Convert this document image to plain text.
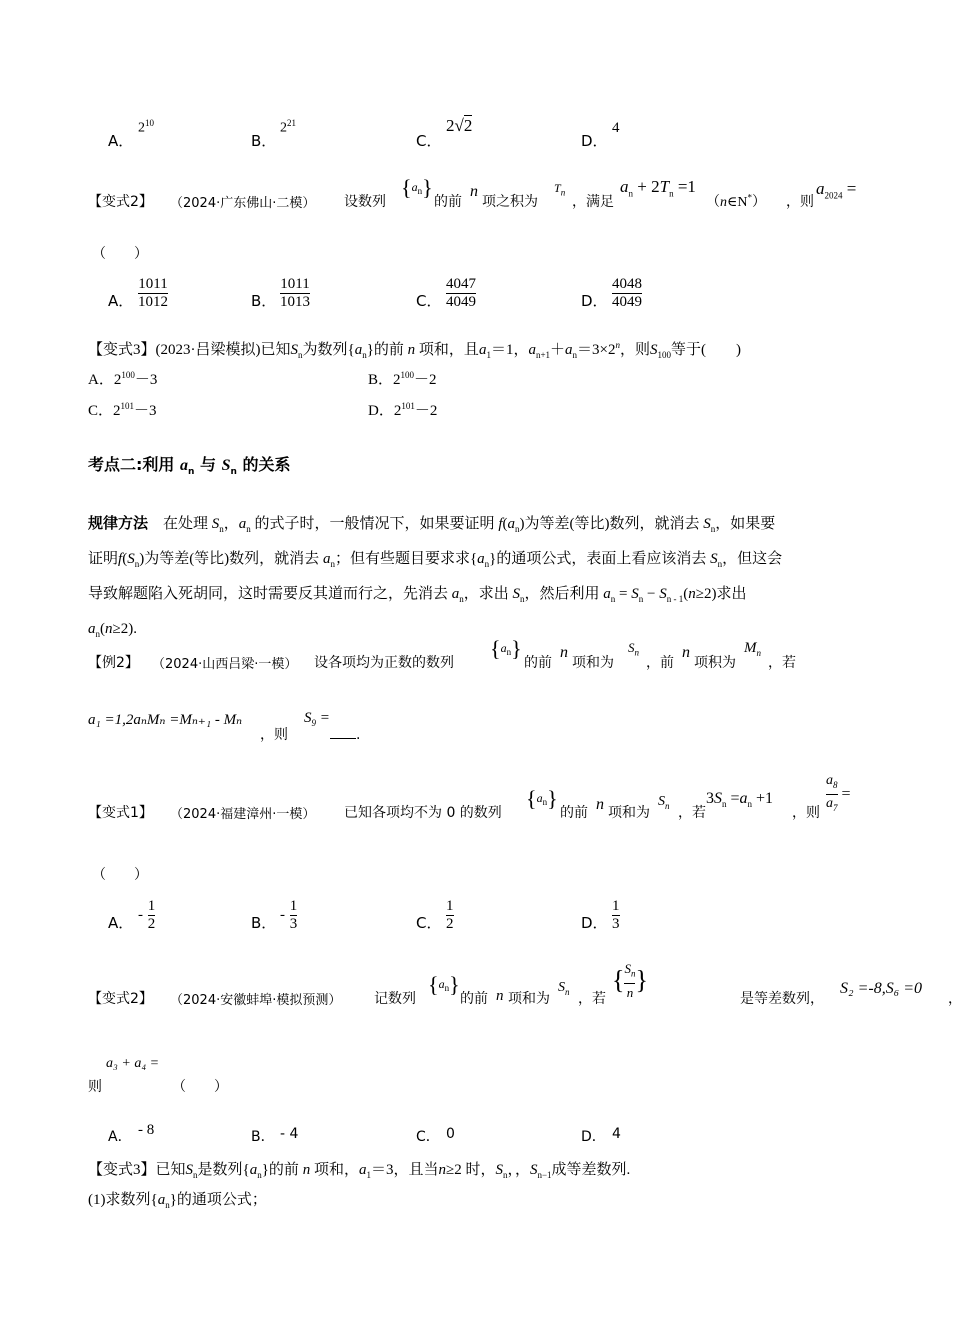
A．
$2^{10}$
B．
$2^{21}$
C．
2√2
D．
4
【变式2】 （2024·广东佛山·二模） 设数列
$\{a_n\}$
的前
n
项之积为
$T_n$
，满足
$a_n + 2T_n =1$
（n∈N*） ，则
$a_{2024}$ =
（　　）
A． $\frac{1011}{1012}$	B． $\frac{1011}{1013}$	C． $\frac{4047}{4049}$	D． $\frac{4048}{4049}$
【变式3】(2023·吕梁模拟)已知$S_n$为数列$\{a_n\}$的前 n 项和，且$a_1=1$，$a_{n+1}+a_n=3\times 2^n$，则$S_{100}$等于(　　)
A．$2^{100}-3$	B．$2^{100}-2$
C．$2^{101}-3$	D．$2^{101}-2$
考点二:利用 $a_n$ 与 $S_n$ 的关系
规律方法　在处理 $S_n$，$a_n$ 的式子时，一般情况下，如果要证明 $f(a_n)$为等差(等比)数列，就消去 $S_n$，如果要
证明$f(S_n)$为等差(等比)数列，就消去 $a_n$；但有些题目要求求$\{a_n\}$的通项公式，表面上看应该消去 $S_n$，但这会
导致解题陷入死胡同，这时需要反其道而行之，先消去 $a_n$，求出 $S_n$，然后利用 $a_n = S_n - S_{n - 1}(n\ge 2)$求出
$a_n(n\ge 2)$.
【例2】 （2024·山西吕梁·一模） 设各项均为正数的数列
$\{a_n\}$
的前
n
项和为
$S_n$
，前
n
项积为
$M_n$
，若
a₁ =1,2aₙMₙ =Mₙ₊₁ - Mₙ
，则
$S_9$ =
.
【变式1】 （2024·福建漳州·一模） 已知各项均不为 0 的数列
$\{a_n\}$
的前 n 项和为
$S_n$ ，若
$3S_n =a_n +1$
，则 $\frac{a_8}{a_7}$ =
（　　）
A． - $\frac{1}{2}$	B． - $\frac{1}{3}$	C． $\frac{1}{2}$	D． $\frac{1}{3}$
【变式2】 （2024·安徽蚌埠·模拟预测） 记数列
$\{a_n\}$
的前 n 项和为
$S_n$ ，若
{ $\frac{S_n}{n}$ }
是等差数列，
S₂ =-8,S₆ =0
，
则
a₃ + a₄ =
（　　）
A． - 8	B． - 4	C． 0	D． 4
【变式3】已知$S_n$是数列$\{a_n\}$的前 n 项和，$a_1=3$，且当n≥2 时，$S_n$，，$S_{n-1}$成等差数列.
(1)求数列$\{a_n\}$的通项公式；
